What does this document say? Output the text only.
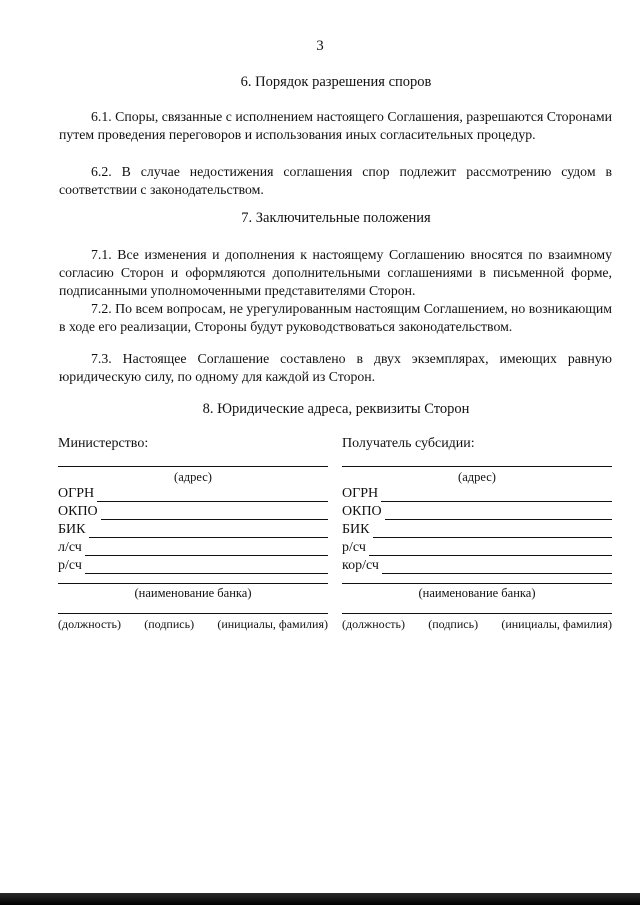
3
6. Порядок разрешения споров
6.1. Споры, связанные с исполнением настоящего Соглашения, разрешаются Сторонами путем проведения переговоров и использования иных согласительных процедур.
6.2. В случае недостижения соглашения спор подлежит рассмотрению судом в соответствии с законодательством.
7. Заключительные положения
7.1. Все изменения и дополнения к настоящему Соглашению вносятся по взаимному согласию Сторон и оформляются дополнительными соглашениями в письменной форме, подписанными уполномоченными представителями Сторон.
7.2. По всем вопросам, не урегулированным настоящим Соглашением, но возникающим в ходе его реализации, Стороны будут руководствоваться законодательством.
7.3. Настоящее Соглашение составлено в двух экземплярах, имеющих равную юридическую силу, по одному для каждой из Сторон.
8. Юридические адреса, реквизиты Сторон
Министерство:
(адрес)
ОГРН
ОКПО
БИК
л/сч
р/сч
(наименование банка)
(должность) (подпись) (инициалы, фамилия)
Получатель субсидии:
(адрес)
ОГРН
ОКПО
БИК
р/сч
кор/сч
(наименование банка)
(должность) (подпись) (инициалы, фамилия)
